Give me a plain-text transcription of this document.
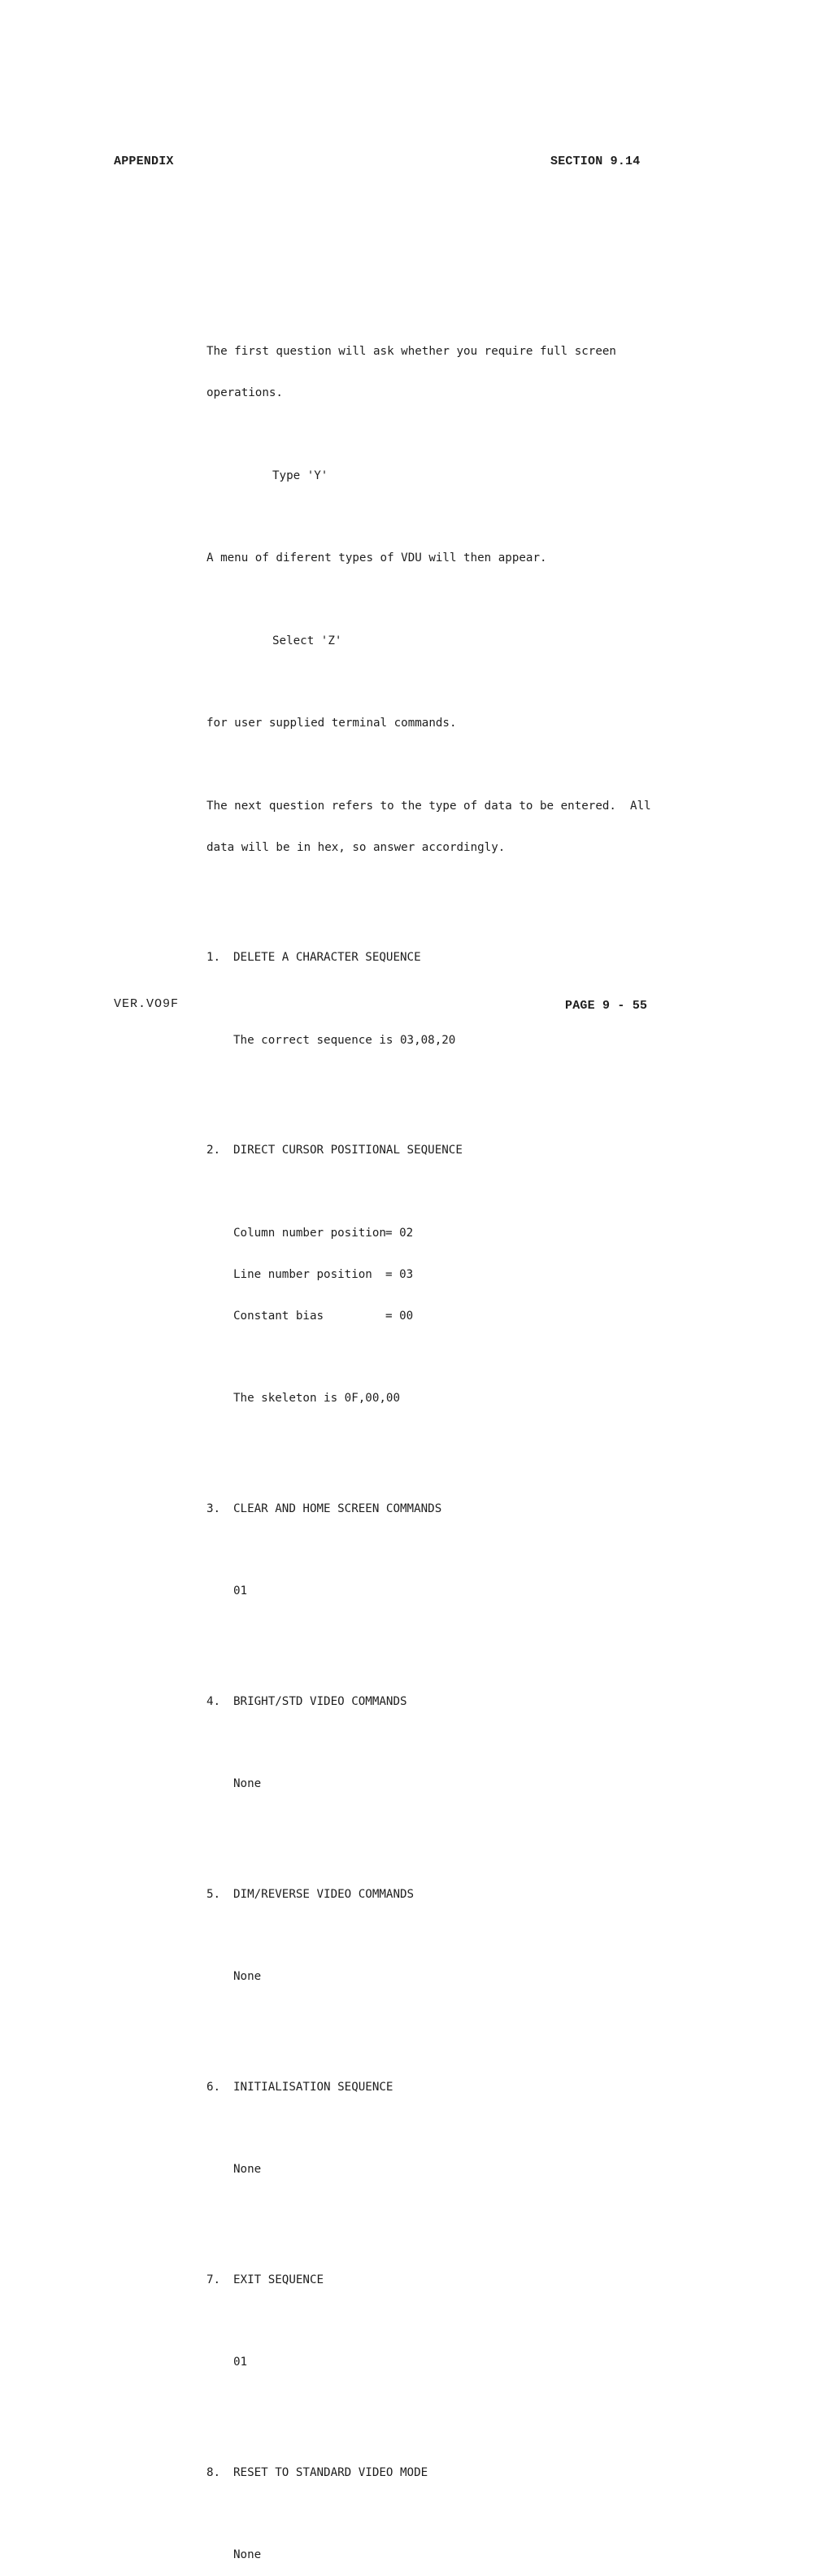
APPENDIX	SECTION 9.14

The first question will ask whether you require full screen

operations.

Type 'Y'

A menu of diferent types of VDU will then appear.

Select 'Z'

for user supplied terminal commands.

The next question refers to the type of data to be entered.  All

data will be in hex, so answer accordingly.

1.	DELETE A CHARACTER SEQUENCE

The correct sequence is 03,08,20

2.	DIRECT CURSOR POSITIONAL SEQUENCE

Column number position = 02

Line number position	= 03

Constant bias	= 00

The skeleton is 0F,00,00

3.	CLEAR AND HOME SCREEN COMMANDS

01

4.	BRIGHT/STD VIDEO COMMANDS

None

5.	DIM/REVERSE VIDEO COMMANDS

None

6.	INITIALISATION SEQUENCE

None

7.	EXIT SEQUENCE

01

8.	RESET TO STANDARD VIDEO MODE

None

VER.VO9F	PAGE 9 - 55
